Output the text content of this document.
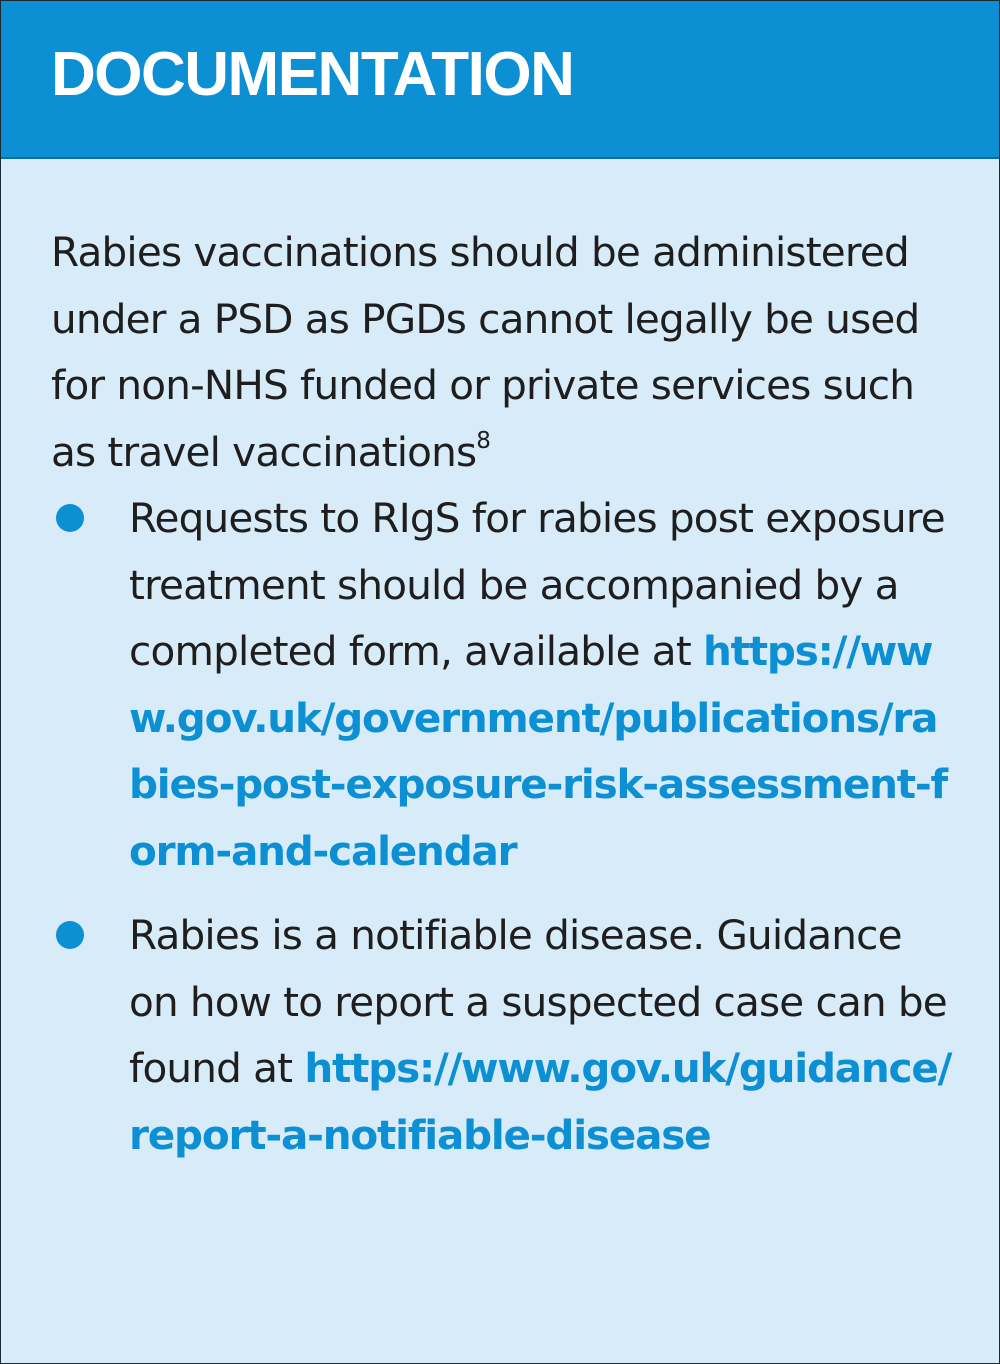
DOCUMENTATION

Rabies vaccinations should be administered under a PSD as PGDs cannot legally be used for non-NHS funded or private services such as travel vaccinations$^8$

Requests to RIgS for rabies post exposure treatment should be accompanied by a completed form, available at https://www.gov.uk/government/publications/rabies-post-exposure-risk-assessment-form-and-calendar
Rabies is a notifiable disease. Guidance on how to report a suspected case can be found at https://www.gov.uk/guidance/report-a-notifiable-disease
